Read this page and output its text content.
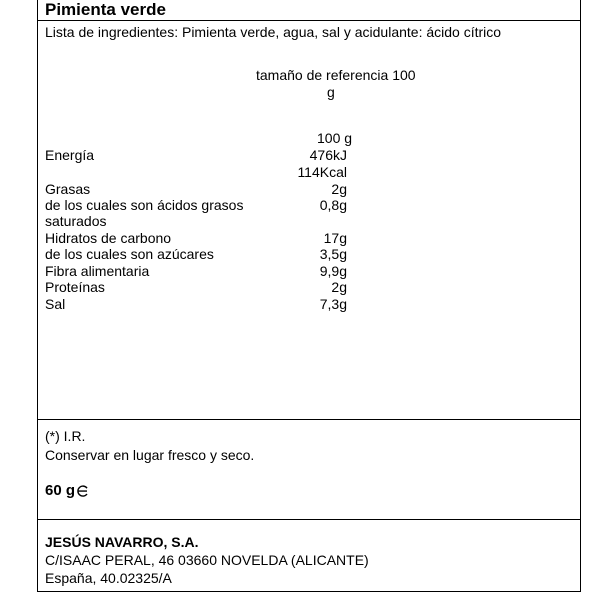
Pimienta verde
Lista de ingredientes: Pimienta verde, agua, sal y acidulante: ácido cítrico
tamaño de referencia 100
g
100 g
Energía	476kJ
114Kcal
Grasas	2g
de los cuales son ácidos grasos	0,8g
saturados
Hidratos de carbono	17g
de los cuales son azúcares	3,5g
Fibra alimentaria	9,9g
Proteínas	2g
Sal	7,3g
(*) I.R.
Conservar en lugar fresco y seco.
60 g
JESÚS NAVARRO, S.A.
C/ISAAC PERAL, 46 03660 NOVELDA (ALICANTE)
España, 40.02325/A
